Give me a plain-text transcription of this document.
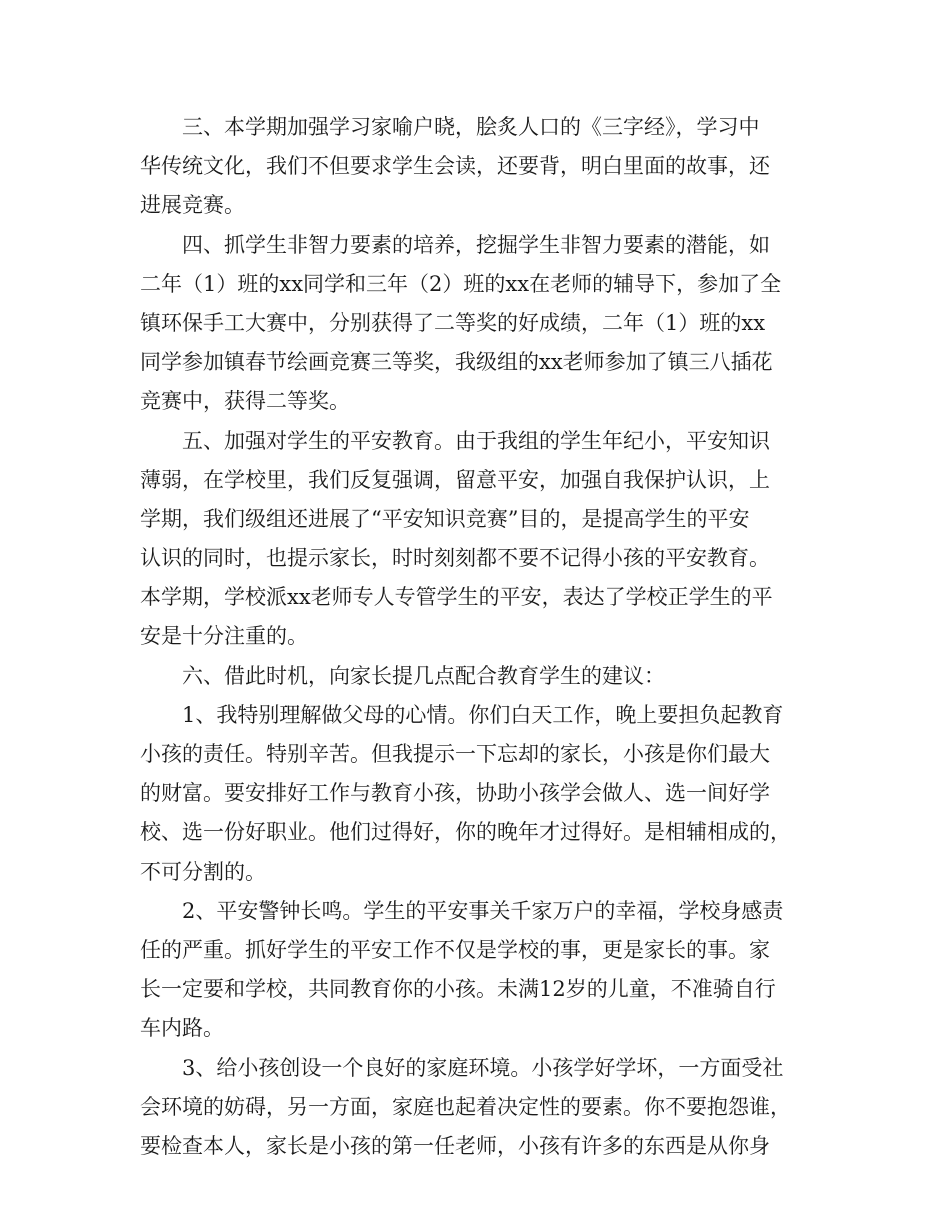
三、本学期加强学习家喻户晓，脍炙人口的《三字经》，学习中
华传统文化，我们不但要求学生会读，还要背，明白里面的故事，还
进展竞赛。
四、抓学生非智力要素的培养，挖掘学生非智力要素的潜能，如
二年（1）班的xx同学和三年（2）班的xx在老师的辅导下，参加了全
镇环保手工大赛中，分别获得了二等奖的好成绩，二年（1）班的xx
同学参加镇春节绘画竞赛三等奖，我级组的xx老师参加了镇三八插花
竞赛中，获得二等奖。
五、加强对学生的平安教育。由于我组的学生年纪小，平安知识
薄弱，在学校里，我们反复强调，留意平安，加强自我保护认识，上
学期，我们级组还进展了“平安知识竞赛”目的，是提高学生的平安
认识的同时，也提示家长，时时刻刻都不要不记得小孩的平安教育。
本学期，学校派xx老师专人专管学生的平安，表达了学校正学生的平
安是十分注重的。
六、借此时机，向家长提几点配合教育学生的建议：
1、我特别理解做父母的心情。你们白天工作，晚上要担负起教育
小孩的责任。特别辛苦。但我提示一下忘却的家长，小孩是你们最大
的财富。要安排好工作与教育小孩，协助小孩学会做人、选一间好学
校、选一份好职业。他们过得好，你的晚年才过得好。是相辅相成的，
不可分割的。
2、平安警钟长鸣。学生的平安事关千家万户的幸福，学校身感责
任的严重。抓好学生的平安工作不仅是学校的事，更是家长的事。家
长一定要和学校，共同教育你的小孩。未满12岁的儿童，不准骑自行
车内路。
3、给小孩创设一个良好的家庭环境。小孩学好学坏，一方面受社
会环境的妨碍，另一方面，家庭也起着决定性的要素。你不要抱怨谁，
要检查本人，家长是小孩的第一任老师，小孩有许多的东西是从你身
